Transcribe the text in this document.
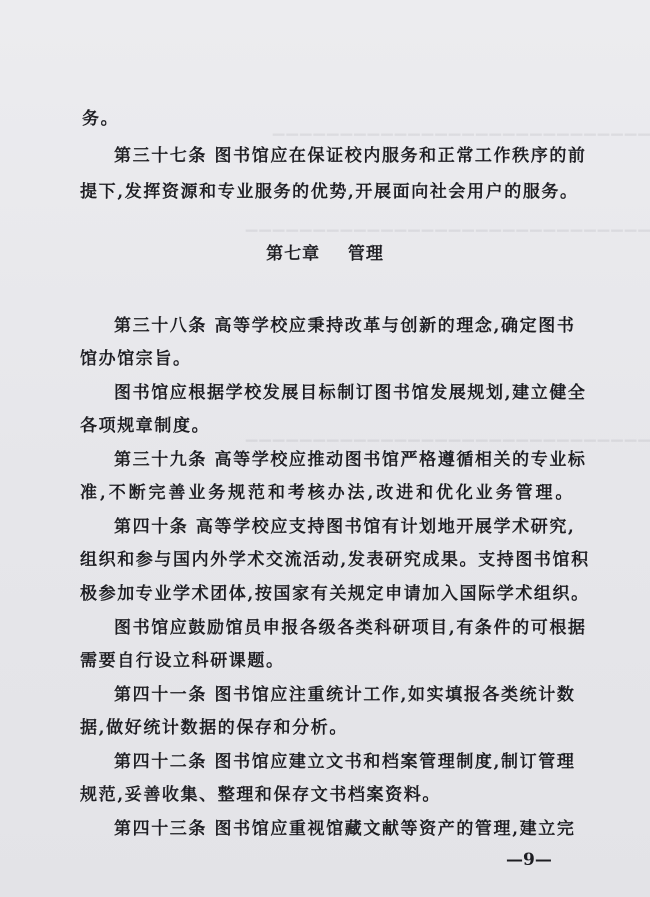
▁▁▁▁▁▁▁▁▁▁▁▁▁▁▁▁▁▁▁▁▁▁▁▁▁▁▁▁
▁▁▁▁▁▁▁▁▁▁▁▁▁▁▁▁▁▁▁▁▁▁▁▁▁▁▁▁▁▁
▁▁▁▁▁▁▁▁▁▁▁▁▁▁▁▁▁▁▁▁▁▁▁▁▁▁▁▁▁▁
务。
第三十七条 图书馆应在保证校内服务和正常工作秩序的前
提下,发挥资源和专业服务的优势,开展面向社会用户的服务。
第七章    管理
第三十八条 高等学校应秉持改革与创新的理念,确定图书
馆办馆宗旨。
图书馆应根据学校发展目标制订图书馆发展规划,建立健全
各项规章制度。
第三十九条 高等学校应推动图书馆严格遵循相关的专业标
准,不断完善业务规范和考核办法,改进和优化业务管理。
第四十条 高等学校应支持图书馆有计划地开展学术研究,
组织和参与国内外学术交流活动,发表研究成果。支持图书馆积
极参加专业学术团体,按国家有关规定申请加入国际学术组织。
图书馆应鼓励馆员申报各级各类科研项目,有条件的可根据
需要自行设立科研课题。
第四十一条 图书馆应注重统计工作,如实填报各类统计数
据,做好统计数据的保存和分析。
第四十二条 图书馆应建立文书和档案管理制度,制订管理
规范,妥善收集、整理和保存文书档案资料。
第四十三条 图书馆应重视馆藏文献等资产的管理,建立完
—9—
